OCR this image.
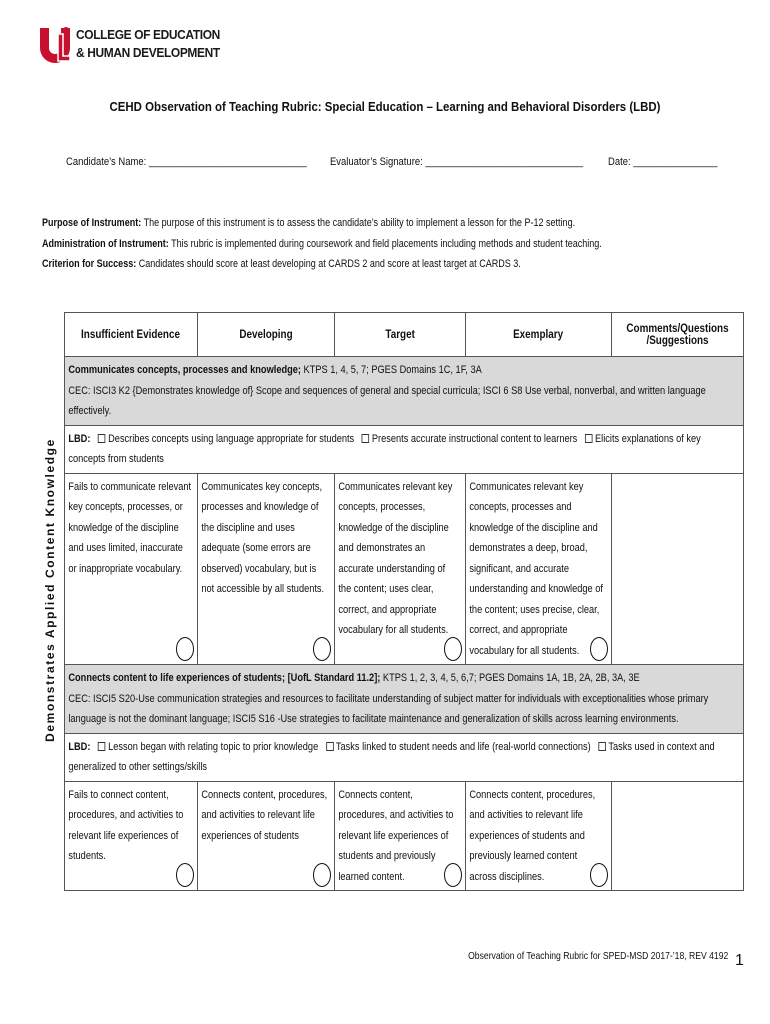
COLLEGE OF EDUCATION
& HUMAN DEVELOPMENT
CEHD Observation of Teaching Rubric: Special Education – Learning and Behavioral Disorders (LBD)
Candidate’s Name: ______________________________ Evaluator’s Signature: ______________________________ Date: ________________
Purpose of Instrument: The purpose of this instrument is to assess the candidate’s ability to implement a lesson for the P-12 setting.
Administration of Instrument: This rubric is implemented during coursework and field placements including methods and student teaching.
Criterion for Success: Candidates should score at least developing at CARDS 2 and score at least target at CARDS 3.
Demonstrates Applied Content Knowledge
Insufficient Evidence	Developing	Target	Exemplary	Comments/Questions /Suggestions

Communicates concepts, processes and knowledge; KTPS 1, 4, 5, 7; PGES Domains 1C, 1F, 3A
CEC: ISCI3 K2 {Demonstrates knowledge of} Scope and sequences of general and special curricula; ISCI 6 S8 Use verbal, nonverbal, and written language effectively.				

LBD: Describes concepts using language appropriate for students Presents accurate instructional content to learners Elicits explanations of key concepts from students				

Fails to communicate relevant key concepts, processes, or knowledge of the discipline and uses limited, inaccurate or inappropriate vocabulary.	Communicates key concepts, processes and knowledge of the discipline and uses adequate (some errors are observed) vocabulary, but is not accessible by all students.	Communicates relevant key concepts, processes, knowledge of the discipline and demonstrates an accurate understanding of the content; uses clear, correct, and appropriate vocabulary for all students.	Communicates relevant key concepts, processes and knowledge of the discipline and demonstrates a deep, broad, significant, and accurate understanding and knowledge of the content; uses precise, clear, correct, and appropriate vocabulary for all students.	

Connects content to life experiences of students; [UofL Standard 11.2]; KTPS 1, 2, 3, 4, 5, 6,7; PGES Domains 1A, 1B, 2A, 2B, 3A, 3E
CEC: ISCI5 S20-Use communication strategies and resources to facilitate understanding of subject matter for individuals with exceptionalities whose primary language is not the dominant language; ISCI5 S16 -Use strategies to facilitate maintenance and generalization of skills across learning environments.				

LBD: Lesson began with relating topic to prior knowledge Tasks linked to student needs and life (real-world connections) Tasks used in context and generalized to other settings/skills				

Fails to connect content, procedures, and activities to relevant life experiences of students.	Connects content, procedures, and activities to relevant life experiences of students	Connects content, procedures, and activities to relevant life experiences of students and previously learned content.	Connects content, procedures, and activities to relevant life experiences of students and previously learned content across disciplines.	

Observation of Teaching Rubric for SPED-MSD 2017-’18, REV 4192 1
